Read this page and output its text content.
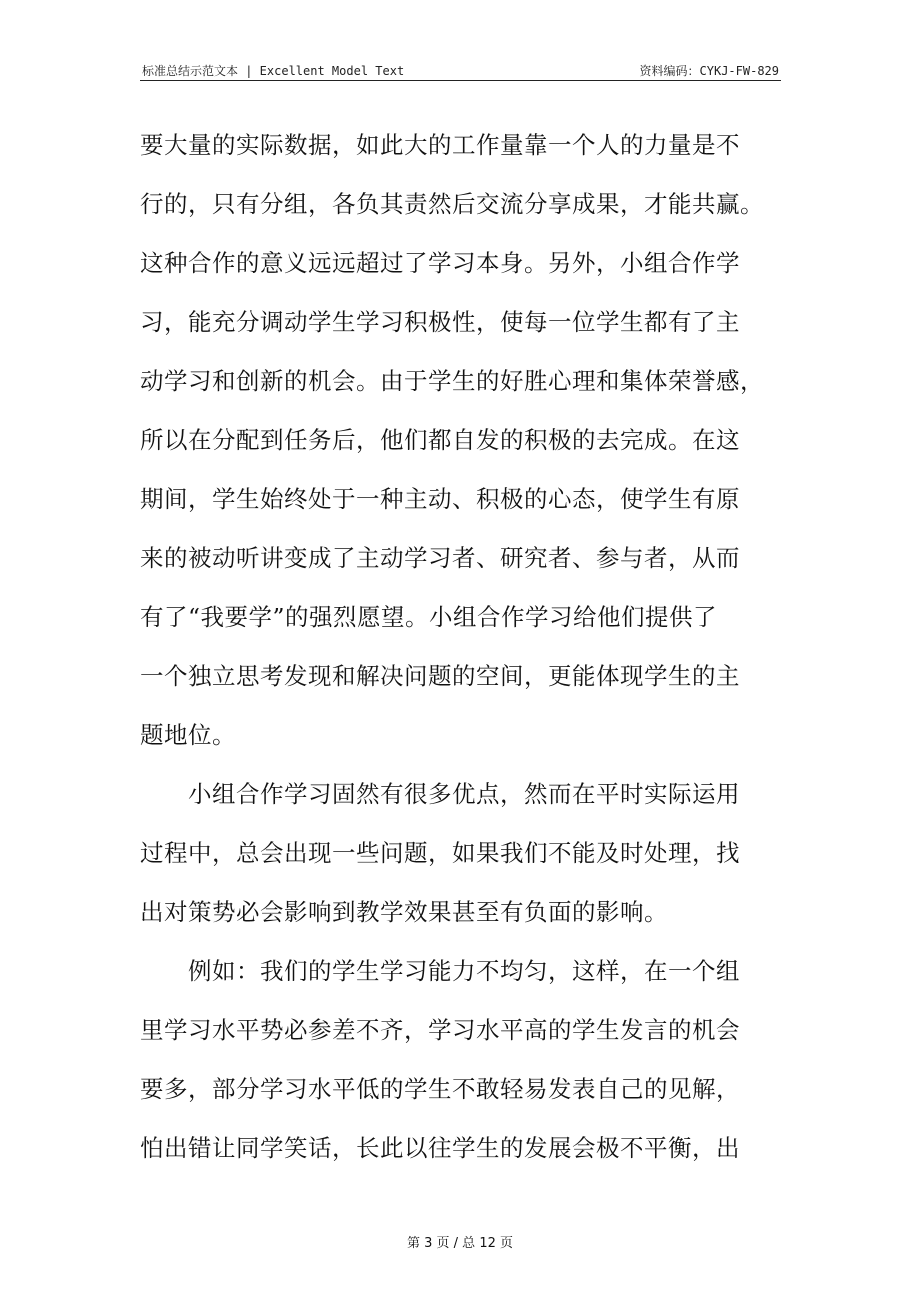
标准总结示范文本 | Excellent Model Text	资料编码：CYKJ-FW-829
要大量的实际数据，如此大的工作量靠一个人的力量是不
行的，只有分组，各负其责然后交流分享成果，才能共赢。
这种合作的意义远远超过了学习本身。另外，小组合作学
习，能充分调动学生学习积极性，使每一位学生都有了主
动学习和创新的机会。由于学生的好胜心理和集体荣誉感，
所以在分配到任务后，他们都自发的积极的去完成。在这
期间，学生始终处于一种主动、积极的心态，使学生有原
来的被动听讲变成了主动学习者、研究者、参与者，从而
有了“我要学”的强烈愿望。小组合作学习给他们提供了
一个独立思考发现和解决问题的空间，更能体现学生的主
题地位。
　　小组合作学习固然有很多优点，然而在平时实际运用
过程中，总会出现一些问题，如果我们不能及时处理，找
出对策势必会影响到教学效果甚至有负面的影响。
　　例如：我们的学生学习能力不均匀，这样，在一个组
里学习水平势必参差不齐，学习水平高的学生发言的机会
要多，部分学习水平低的学生不敢轻易发表自己的见解，
怕出错让同学笑话，长此以往学生的发展会极不平衡，出
第 3 页 / 总 12 页
